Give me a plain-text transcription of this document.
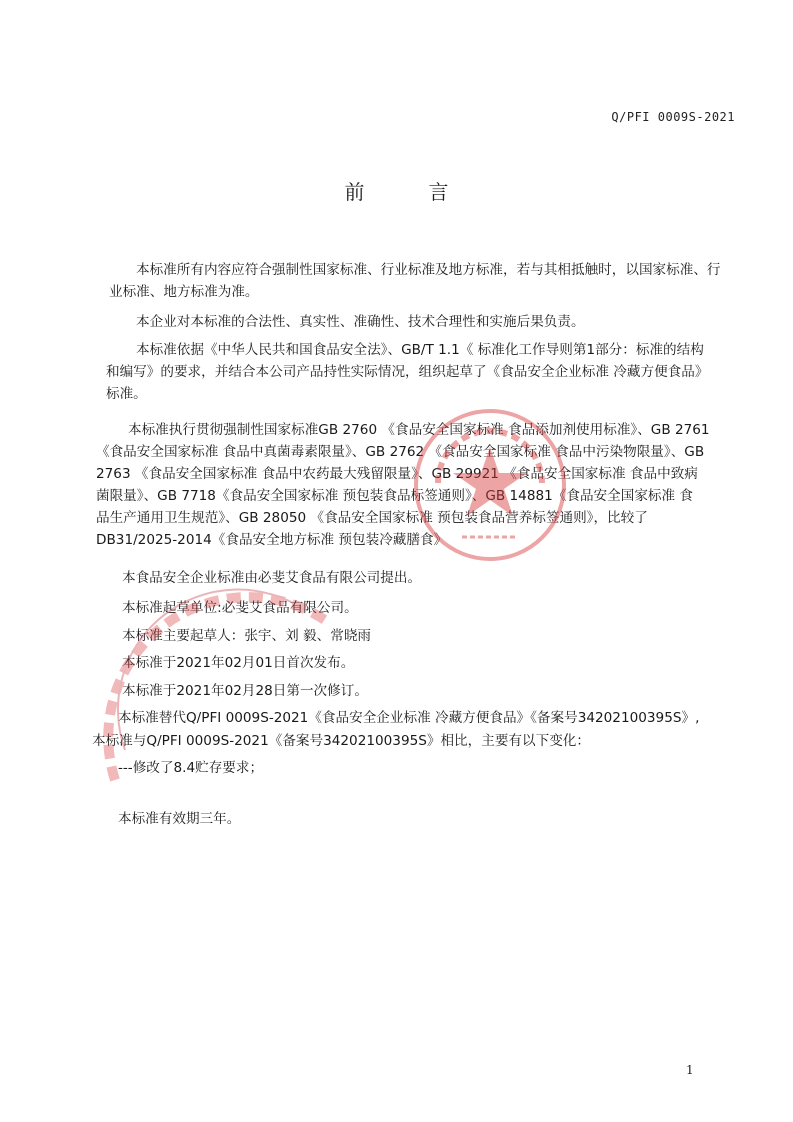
Q/PFI 0009S-2021
前	言
本标准所有内容应符合强制性国家标准、行业标准及地方标准，若与其相抵触时，以国家标准、行
业标准、地方标准为准。
本企业对本标准的合法性、真实性、准确性、技术合理性和实施后果负责。
本标准依据《中华人民共和国食品安全法》、GB/T 1.1《 标准化工作导则第1部分：标准的结构
和编写》的要求，并结合本公司产品持性实际情况，组织起草了《食品安全企业标准 冷藏方便食品》
标准。
本标准执行贯彻强制性国家标准GB 2760 《食品安全国家标准 食品添加剂使用标准》、GB 2761
《食品安全国家标准 食品中真菌毒素限量》、GB 2762 《食品安全国家标准 食品中污染物限量》、GB
2763 《食品安全国家标准 食品中农药最大残留限量》、GB 29921 《食品安全国家标准 食品中致病
菌限量》、GB 7718《食品安全国家标准 预包装食品标签通则》、GB 14881《食品安全国家标准 食
品生产通用卫生规范》、GB 28050 《食品安全国家标准 预包装食品营养标签通则》，比较了
DB31/2025-2014《食品安全地方标准 预包装冷藏膳食》
本食品安全企业标准由必斐艾食品有限公司提出。
本标准起草单位:必斐艾食品有限公司。
本标准主要起草人：张宇、刘 毅、常晓雨
本标准于2021年02月01日首次发布。
本标准于2021年02月28日第一次修订。
本标准替代Q/PFI 0009S-2021《食品安全企业标准 冷藏方便食品》《备案号34202100395S》,
本标准与Q/PFI 0009S-2021《备案号34202100395S》相比，主要有以下变化：
---修改了8.4贮存要求；
本标准有效期三年。
1
